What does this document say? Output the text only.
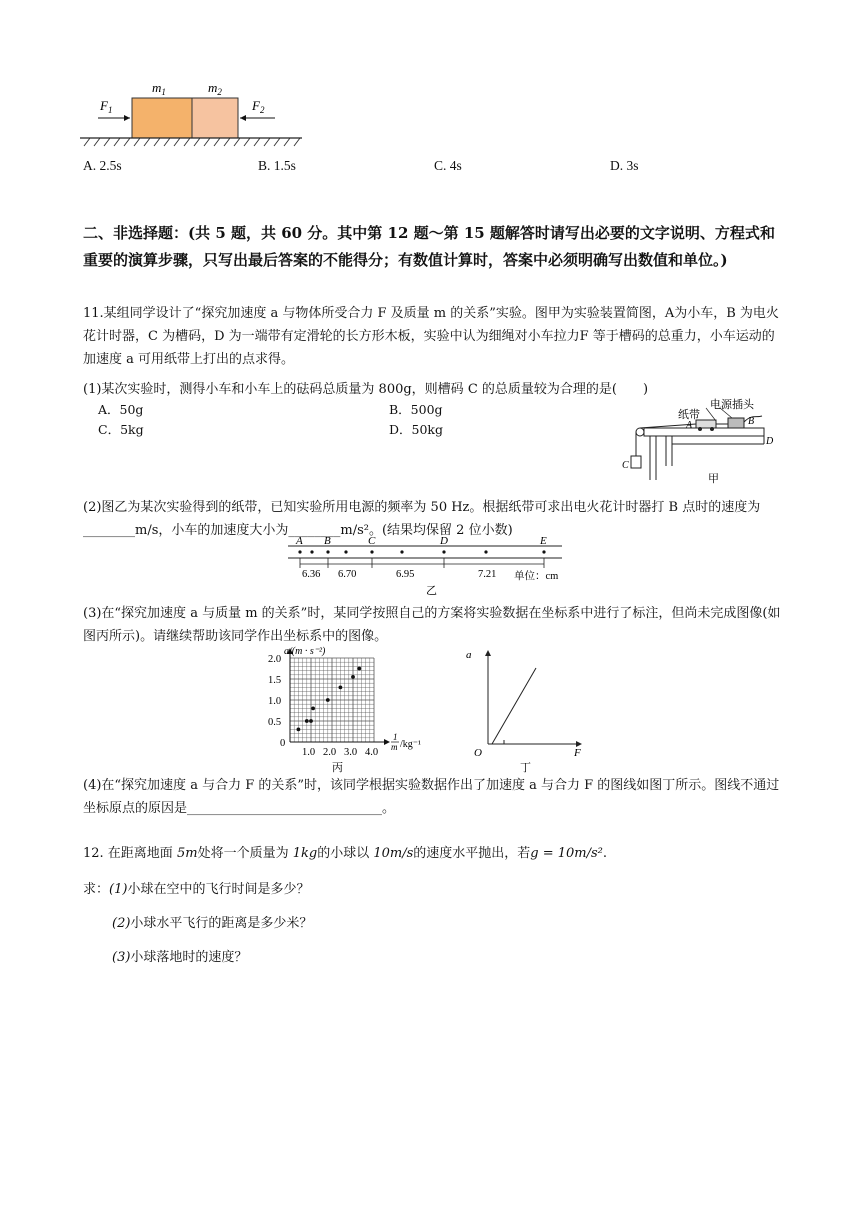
$F_1$
$m_1$	$m_2$
$F_2$
A. 2.5s	B. 1.5s	C. 4s	D. 3s
二、非选择题：(共 5 题，共 60 分。其中第 12 题～第 15 题解答时请写出必要的文字说明、方程式和重要的演算步骤，只写出最后答案的不能得分；有数值计算时，答案中必须明确写出数值和单位。)
11.某组同学设计了“探究加速度 a 与物体所受合力 F 及质量 m 的关系”实验。图甲为实验装置简图，A为小车，B 为电火花计时器，C 为槽码，D 为一端带有定滑轮的长方形木板，实验中认为细绳对小车拉力F 等于槽码的总重力，小车运动的加速度 a 可用纸带上打出的点求得。
(1)某次实验时，测得小车和小车上的砝码总质量为 800g，则槽码 C 的总质量较为合理的是(　　)
A．50g	B．500g
C．5kg	D．50kg
纸带
电源插头
A	B
C
D
甲
(2)图乙为某次实验得到的纸带，已知实验所用电源的频率为 50 Hz。根据纸带可求出电火花计时器打 B 点时的速度为________m/s，小车的加速度大小为________m/s²。(结果均保留 2 位小数)
A B	C	D	E
6.36 6.70	6.95	7.21 单位：cm
乙
(3)在“探究加速度 a 与质量 m 的关系”时，某同学按照自己的方案将实验数据在坐标系中进行了标注，但尚未完成图像(如图丙所示)。请继续帮助该同学作出坐标系中的图像。
2.0
1.5
1.0
0.5
0
1.0 2.0 3.0 4.0
a/(m · s⁻²)
1
m /kg⁻¹
丙
a
F
O
丁
(4)在“探究加速度 a 与合力 F 的关系”时，该同学根据实验数据作出了加速度 a 与合力 F 的图线如图丁所示。图线不通过坐标原点的原因是______________________________。
12. 在距离地面 5m处将一个质量为 1kg的小球以 10m/s的速度水平抛出，若g = 10m/s².
求：(1)小球在空中的飞行时间是多少？
(2)小球水平飞行的距离是多少米？
(3)小球落地时的速度？
